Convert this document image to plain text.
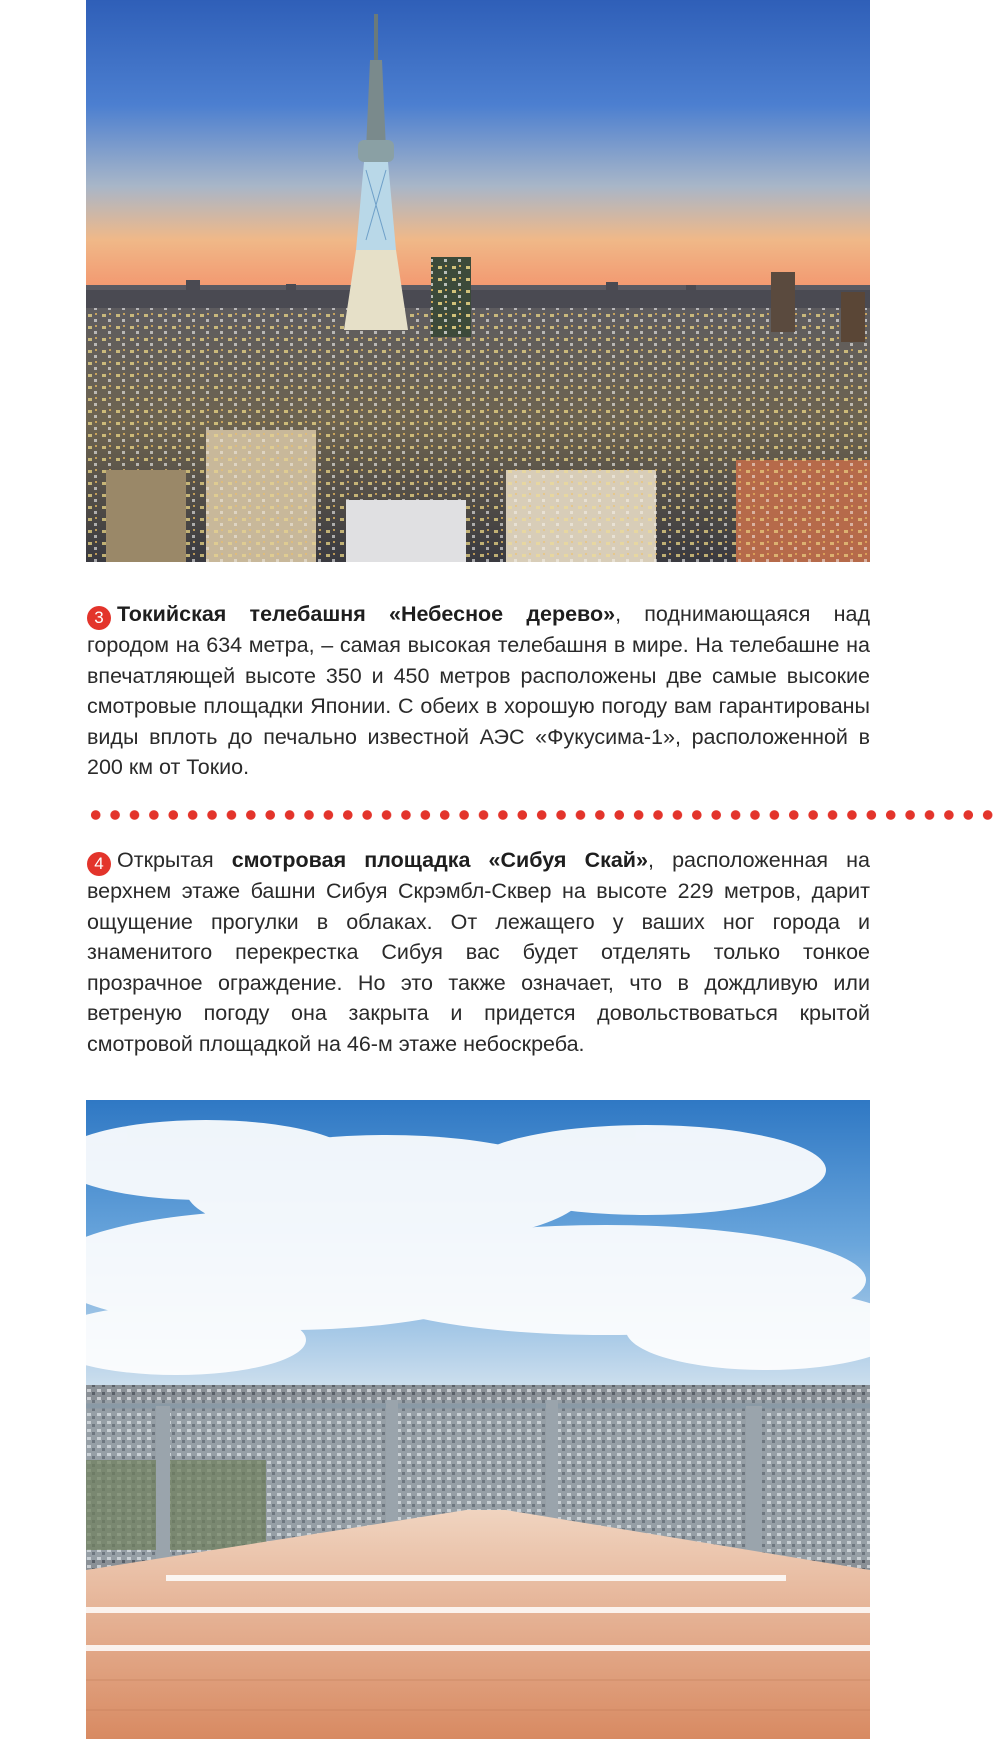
3 Токийская телебашня «Небесное дерево», поднимающаяся над городом на 634 метра, – самая высокая телебашня в мире. На телебашне на впечатляющей высоте 350 и 450 метров расположены две самые высокие смотровые площадки Японии. С обеих в хорошую погоду вам гарантированы виды вплоть до печально известной АЭС «Фукусима-1», расположенной в 200 км от Токио.

4 Открытая смотровая площадка «Сибуя Скай», расположенная на верхнем этаже башни Сибуя Скрэмбл-Сквер на высоте 229 метров, дарит ощущение прогулки в облаках. От лежащего у ваших ног города и знаменитого перекрестка Сибуя вас будет отделять только тонкое прозрачное ограждение. Но это также означает, что в дождливую или ветреную погоду она закрыта и придется довольствоваться крытой смотровой площадкой на 46-м этаже небоскреба.
